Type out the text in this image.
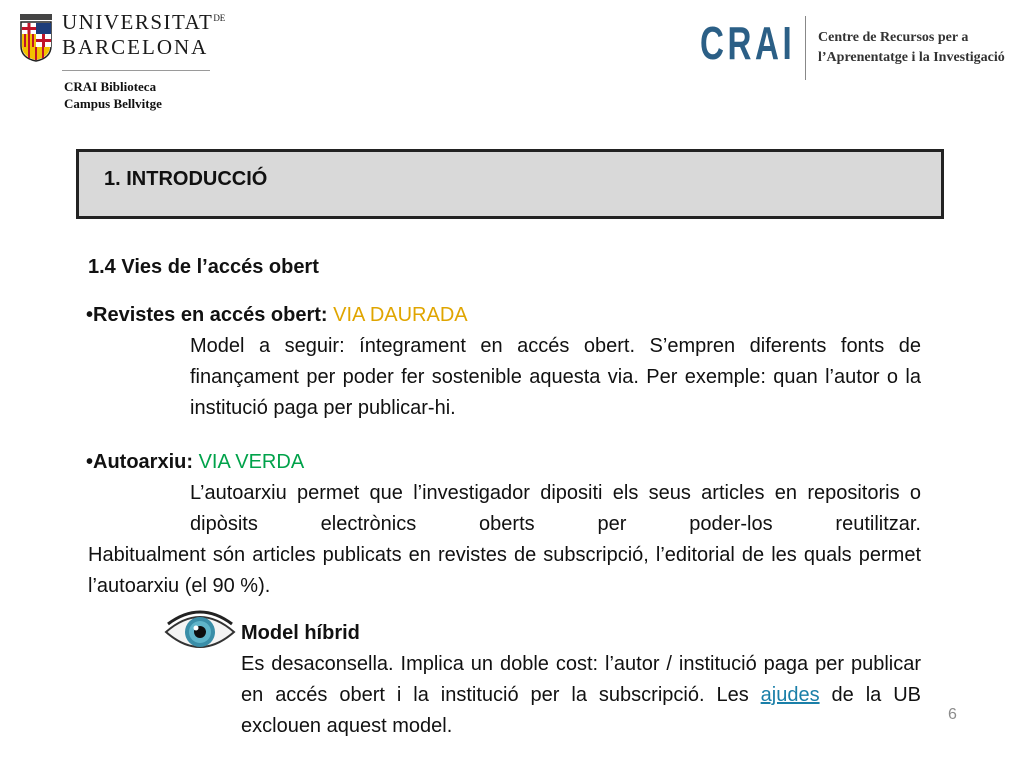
$UNIVERSITAT^{DE}$
BARCELONA
CRAI Biblioteca
Campus Bellvitge
CRAI Centre de Recursos per a
l’Aprenentatge i la Investigació
1. INTRODUCCIÓ
1.4 Vies de l’accés obert
•Revistes en accés obert: VIA DAURADA
Model a seguir: íntegrament en accés obert. S’empren diferents fonts de finançament per poder fer sostenible aquesta via. Per exemple: quan l’autor o la institució paga per publicar-hi.
•Autoarxiu: VIA VERDA
L’autoarxiu permet que l’investigador dipositi els seus articles en repositoris o dipòsits electrònics oberts per poder-los reutilitzar.
Habitualment són articles publicats en revistes de subscripció, l’editorial de les quals permet l’autoarxiu (el 90 %).
Model híbrid
Es desaconsella. Implica un doble cost: l’autor / institució paga per publicar en accés obert i la institució per la subscripció. Les ajudes de la UB exclouen aquest model.
6
